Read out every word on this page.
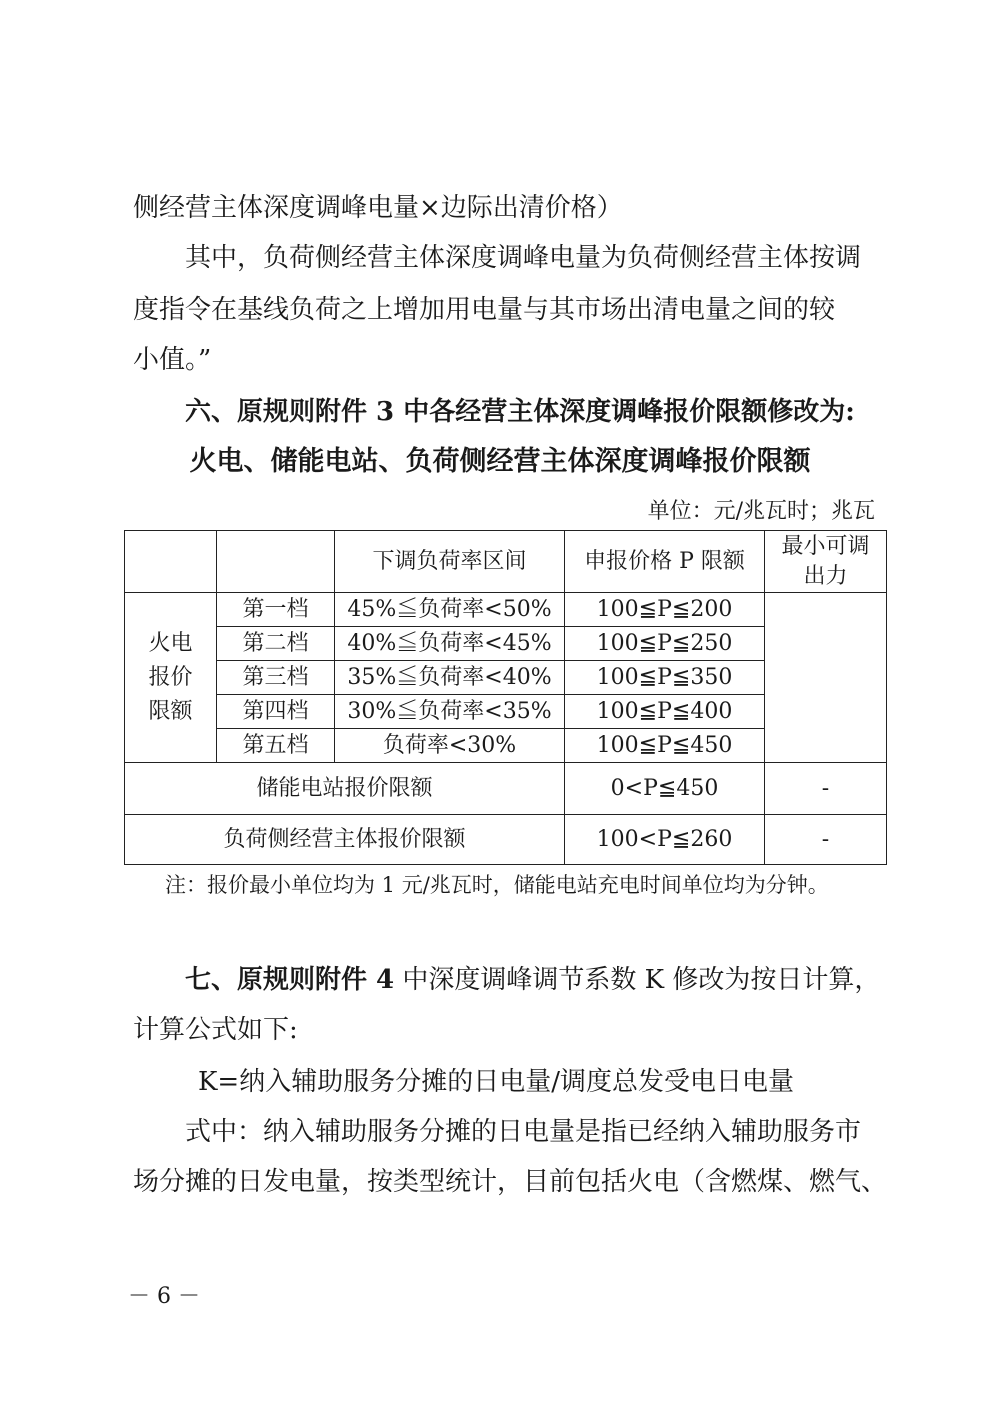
侧经营主体深度调峰电量×边际出清价格）
其中，负荷侧经营主体深度调峰电量为负荷侧经营主体按调
度指令在基线负荷之上增加用电量与其市场出清电量之间的较
小值。”
六、原规则附件 3 中各经营主体深度调峰报价限额修改为:
火电、储能电站、负荷侧经营主体深度调峰报价限额
单位：元/兆瓦时；兆瓦
		下调负荷率区间	申报价格 P 限额	最小可调出力
火电报价限额	第一档	45%≦负荷率<50%	100≦P≦200	
	第二档	40%≦负荷率<45%	100≦P≦250	
	第三档	35%≦负荷率<40%	100≦P≦350	
	第四档	30%≦负荷率<35%	100≦P≦400	
	第五档	负荷率<30%	100≦P≦450	
储能电站报价限额			0<P≦450	-
负荷侧经营主体报价限额			100<P≦260	-
注：报价最小单位均为 1 元/兆瓦时，储能电站充电时间单位均为分钟。
七、原规则附件 4 中深度调峰调节系数 K 修改为按日计算，
计算公式如下:
K=纳入辅助服务分摊的日电量/调度总发受电日电量
式中：纳入辅助服务分摊的日电量是指已经纳入辅助服务市
场分摊的日发电量，按类型统计，目前包括火电（含燃煤、燃气、
－ 6 －
